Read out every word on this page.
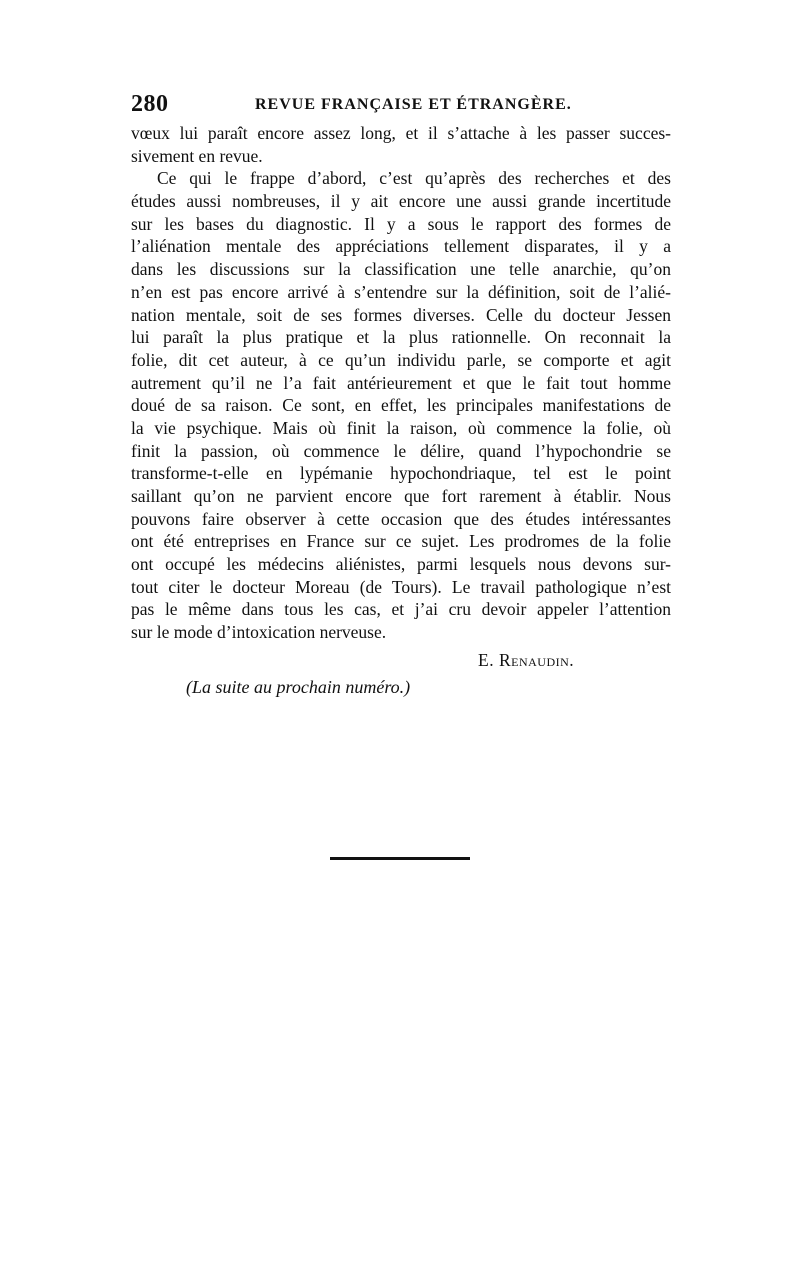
280	REVUE FRANÇAISE ET ÉTRANGÈRE.
vœux lui paraît encore assez long, et il s’attache à les passer succes-
sivement en revue.
Ce qui le frappe d’abord, c’est qu’après des recherches et des
études aussi nombreuses, il y ait encore une aussi grande incertitude
sur les bases du diagnostic. Il y a sous le rapport des formes de
l’aliénation mentale des appréciations tellement disparates, il y a
dans les discussions sur la classification une telle anarchie, qu’on
n’en est pas encore arrivé à s’entendre sur la définition, soit de l’alié-
nation mentale, soit de ses formes diverses. Celle du docteur Jessen
lui paraît la plus pratique et la plus rationnelle. On reconnait la
folie, dit cet auteur, à ce qu’un individu parle, se comporte et agit
autrement qu’il ne l’a fait antérieurement et que le fait tout homme
doué de sa raison. Ce sont, en effet, les principales manifestations de
la vie psychique. Mais où finit la raison, où commence la folie, où
finit la passion, où commence le délire, quand l’hypochondrie se
transforme-t-elle en lypémanie hypochondriaque, tel est le point
saillant qu’on ne parvient encore que fort rarement à établir. Nous
pouvons faire observer à cette occasion que des études intéressantes
ont été entreprises en France sur ce sujet. Les prodromes de la folie
ont occupé les médecins aliénistes, parmi lesquels nous devons sur-
tout citer le docteur Moreau (de Tours). Le travail pathologique n’est
pas le même dans tous les cas, et j’ai cru devoir appeler l’attention
sur le mode d’intoxication nerveuse.
E. Renaudin.
(La suite au prochain numéro.)
